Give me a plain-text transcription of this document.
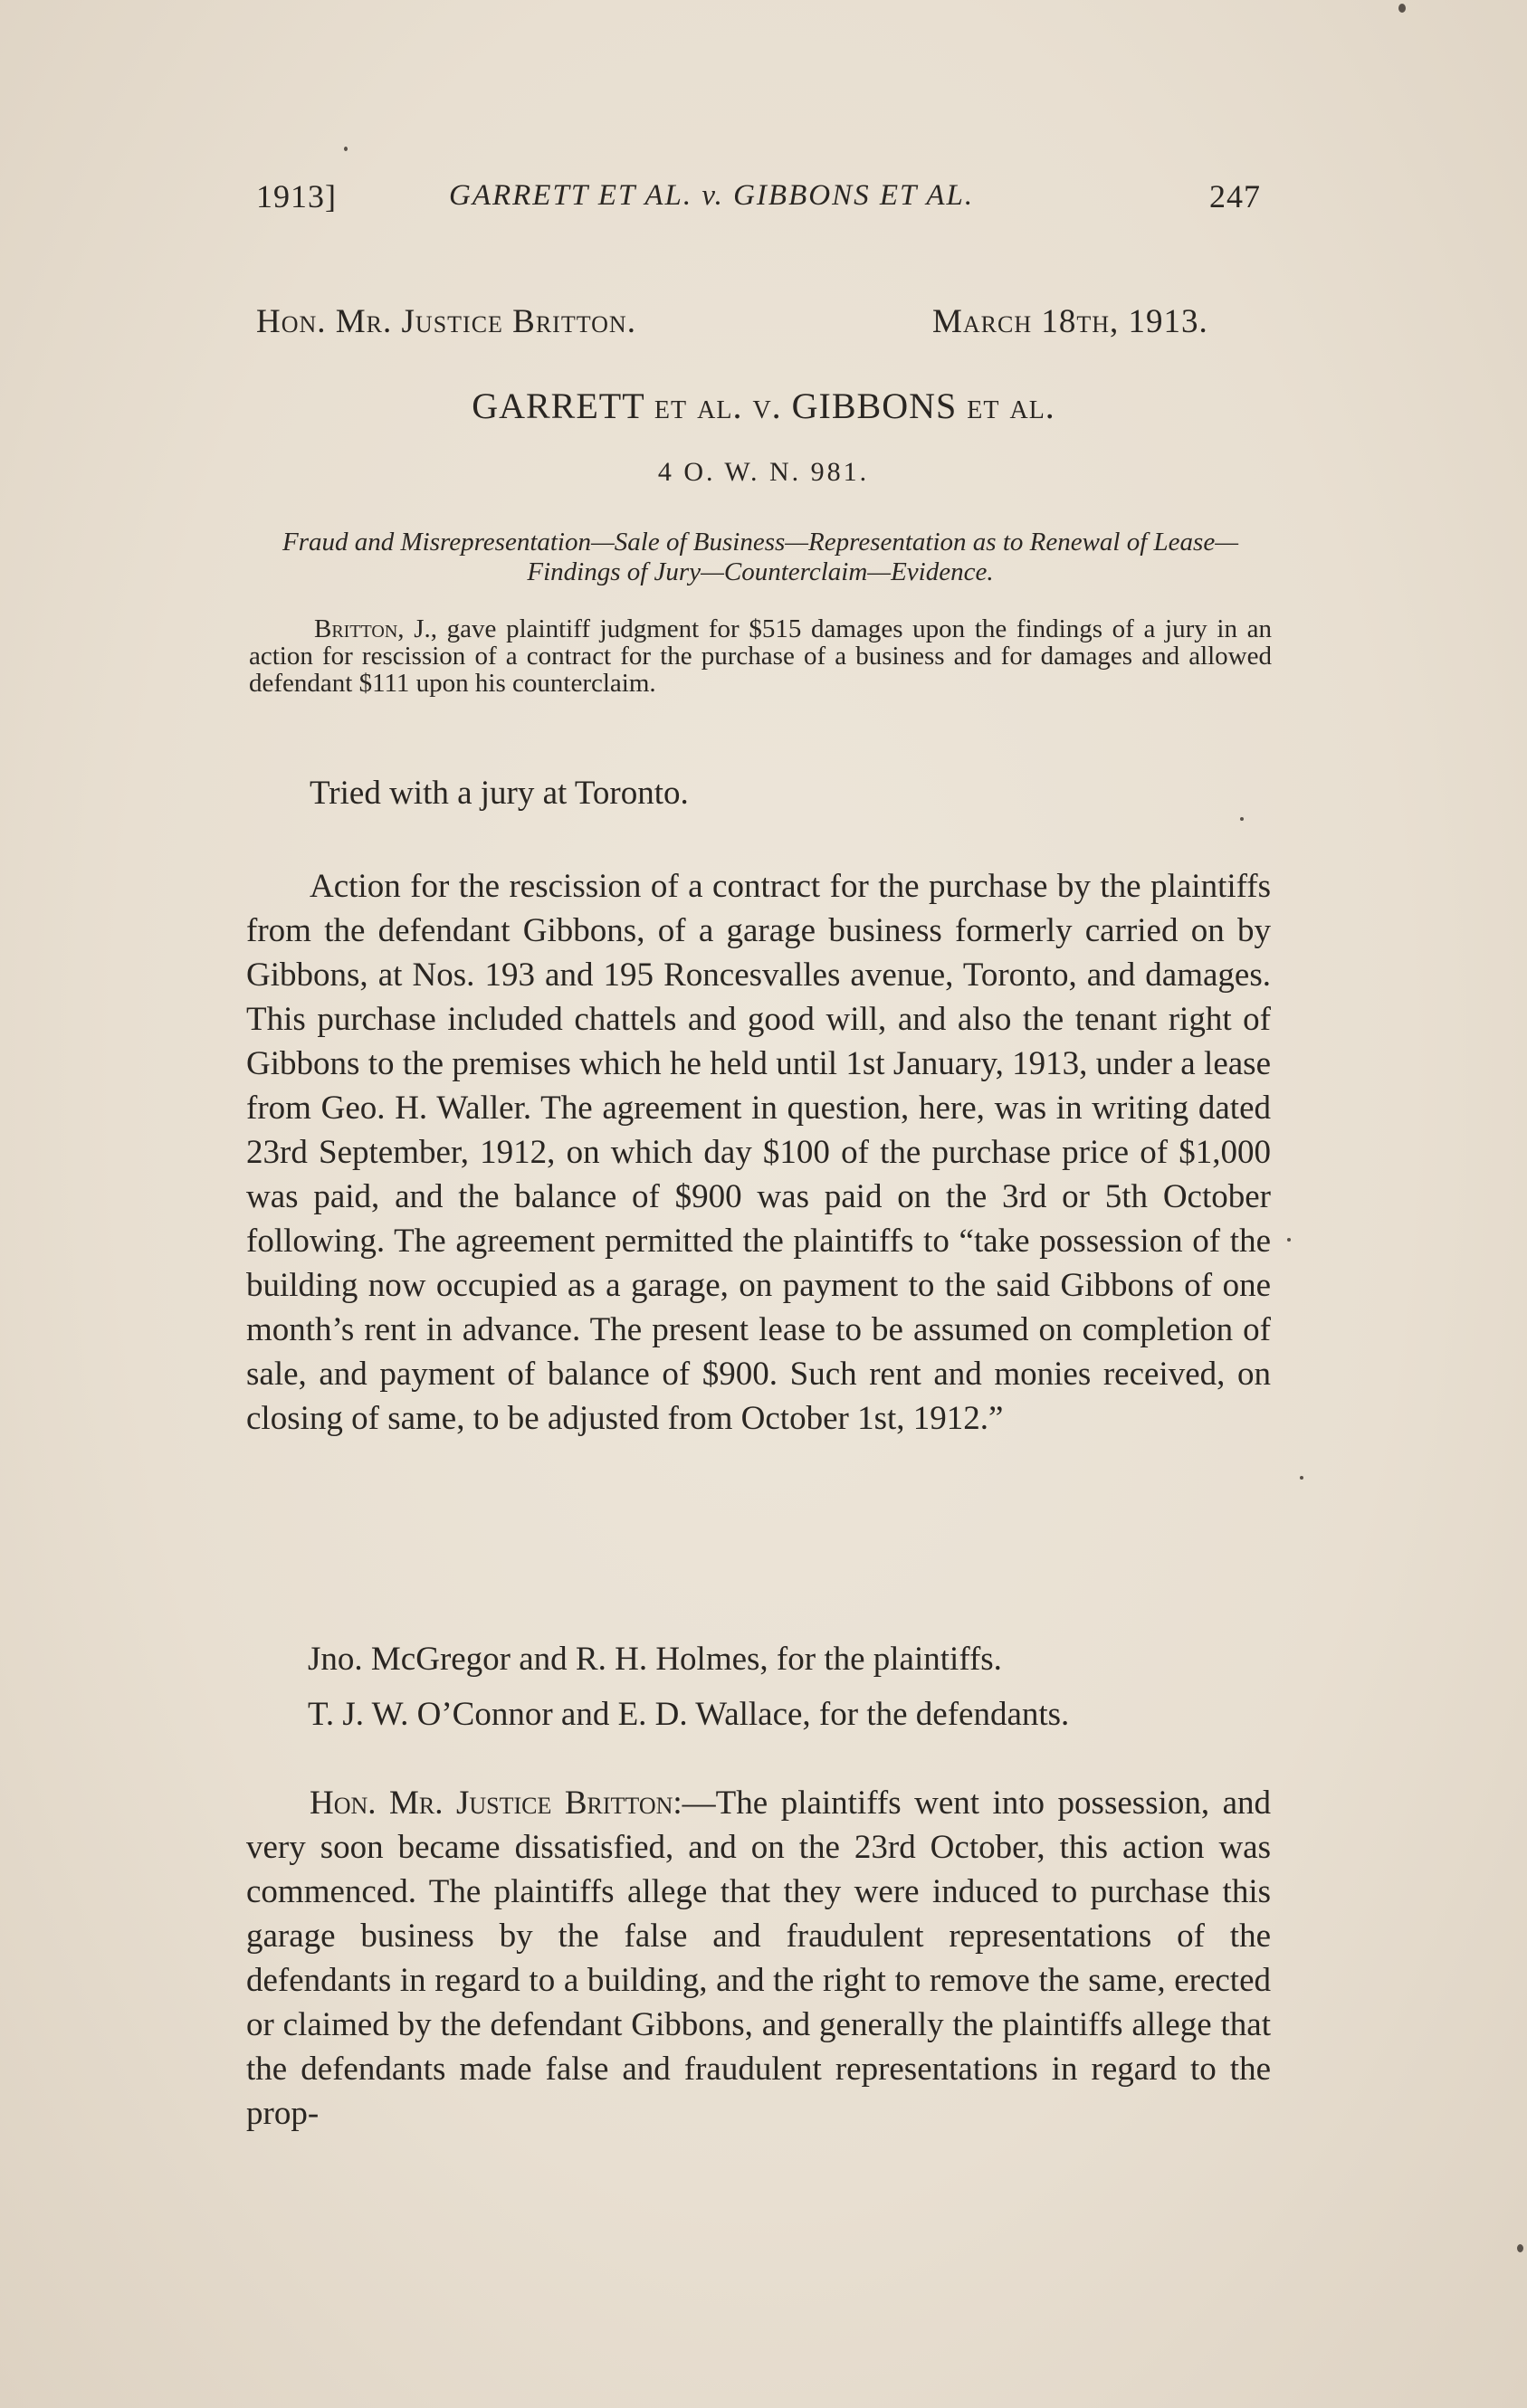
1913]	GARRETT ET AL. v. GIBBONS ET AL.	247
Hon. Mr. Justice Britton.	March 18th, 1913.
GARRETT et al. v. GIBBONS et al.
4 O. W. N. 981.
Fraud and Misrepresentation—Sale of Business—Representation as to Renewal of Lease—Findings of Jury—Counterclaim—Evidence.
Britton, J., gave plaintiff judgment for $515 damages upon the findings of a jury in an action for rescission of a contract for the purchase of a business and for damages and allowed defendant $111 upon his counterclaim.
Tried with a jury at Toronto.
Action for the rescission of a contract for the purchase by the plaintiffs from the defendant Gibbons, of a garage business formerly carried on by Gibbons, at Nos. 193 and 195 Roncesvalles avenue, Toronto, and damages. This purchase included chattels and good will, and also the tenant right of Gibbons to the premises which he held until 1st January, 1913, under a lease from Geo. H. Waller. The agreement in question, here, was in writing dated 23rd September, 1912, on which day $100 of the purchase price of $1,000 was paid, and the balance of $900 was paid on the 3rd or 5th October following. The agreement permitted the plaintiffs to “take possession of the building now occupied as a garage, on payment to the said Gibbons of one month’s rent in advance. The present lease to be assumed on completion of sale, and payment of balance of $900. Such rent and monies received, on closing of same, to be adjusted from October 1st, 1912.”
Jno. McGregor and R. H. Holmes, for the plaintiffs.
T. J. W. O’Connor and E. D. Wallace, for the defendants.
Hon. Mr. Justice Britton:—The plaintiffs went into possession, and very soon became dissatisfied, and on the 23rd October, this action was commenced. The plaintiffs allege that they were induced to purchase this garage business by the false and fraudulent representations of the defendants in regard to a building, and the right to remove the same, erected or claimed by the defendant Gibbons, and generally the plaintiffs allege that the defendants made false and fraudulent representations in regard to the prop-
